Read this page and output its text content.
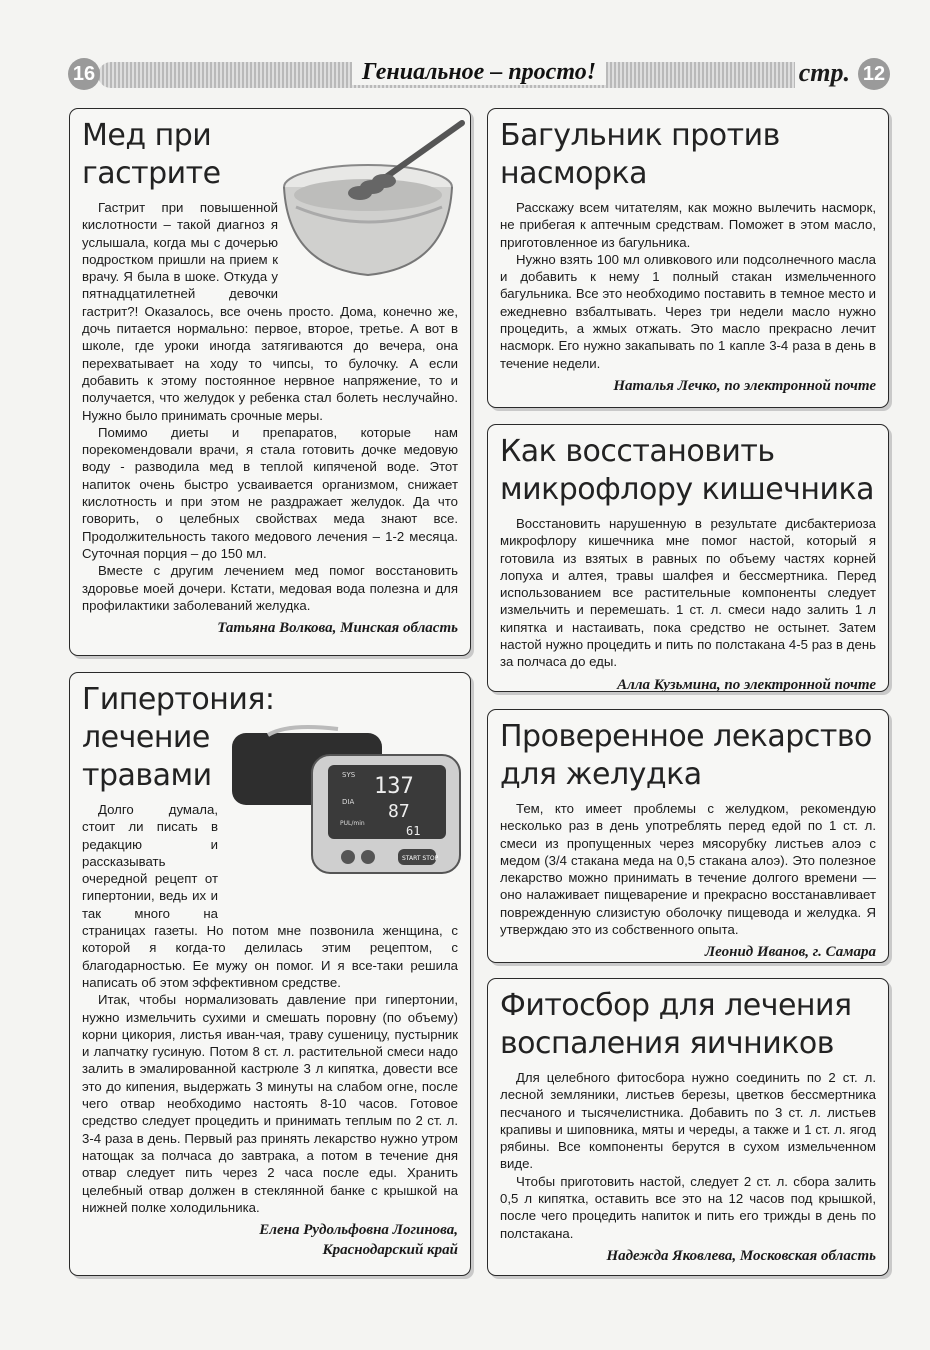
16	Гениальное – просто!	стр. 12
Мед при гастрите

Гастрит при повышенной кислотности – такой диагноз я услышала, когда мы с дочерью подростком пришли на прием к врачу. Я была в шоке. Откуда у пятнадцатилетней девочки гастрит?! Оказалось, все очень просто. Дома, конечно же, дочь питается нормально: первое, второе, третье. А вот в школе, где уроки иногда затягиваются до вечера, она перехватывает на ходу то чипсы, то булочку. А если добавить к этому постоянное нервное напряжение, то и получается, что желудок у ребенка стал болеть неслучайно. Нужно было принимать срочные меры.

Помимо диеты и препаратов, которые нам порекомендовали врачи, я стала готовить дочке медовую воду - разводила мед в теплой кипяченой воде. Этот напиток очень быстро усваивается организмом, снижает кислотность и при этом не раздражает желудок. Да что говорить, о целебных свойствах меда знают все. Продолжительность такого медового лечения – 1-2 месяца. Суточная порция – до 150 мл.

Вместе с другим лечением мед помог восстановить здоровье моей дочери. Кстати, медовая вода полезна и для профилактики заболеваний желудка.

Татьяна Волкова, Минская область
SYS
DIA
PUL/min
137
87
61
START STOP
Гипертония: лечение травами

Долго думала, стоит ли писать в редакцию и рассказывать очередной рецепт от гипертонии, ведь их и так много на страницах газеты. Но потом мне позвонила женщина, с которой я когда-то делилась этим рецептом, с благодарностью. Ее мужу он помог. И я все-таки решила написать об этом эффективном средстве.

Итак, чтобы нормализовать давление при гипертонии, нужно измельчить сухими и смешать поровну (по объему) корни цикория, листья иван-чая, траву сушеницу, пустырник и лапчатку гусиную. Потом 8 ст. л. растительной смеси надо залить в эмалированной кастрюле 3 л кипятка, довести все это до кипения, выдержать 3 минуты на слабом огне, после чего отвар необходимо настоять 8-10 часов. Готовое средство следует процедить и принимать теплым по 2 ст. л. 3-4 раза в день. Первый раз принять лекарство нужно утром натощак за полчаса до завтрака, а потом в течение дня отвар следует пить через 2 часа после еды. Хранить целебный отвар должен в стеклянной банке с крышкой на нижней полке холодильника.

Елена Рудольфовна Логинова,
Краснодарский край
Багульник против насморка

Расскажу всем читателям, как можно вылечить насморк, не прибегая к аптечным средствам. Поможет в этом масло, приготовленное из багульника.

Нужно взять 100 мл оливкового или подсолнечного масла и добавить к нему 1 полный стакан измельченного багульника. Все это необходимо поставить в темное место и ежедневно взбалтывать. Через три недели масло нужно процедить, а жмых отжать. Это масло прекрасно лечит насморк. Его нужно закапывать по 1 капле 3-4 раза в день в течение недели.

Наталья Лечко, по электронной почте
Как восстановить микрофлору кишечника

Восстановить нарушенную в результате дисбактериоза микрофлору кишечника мне помог настой, который я готовила из взятых в равных по объему частях корней лопуха и алтея, травы шалфея и бессмертника. Перед использованием все растительные компоненты следует измельчить и перемешать. 1 ст. л. смеси надо залить 1 л кипятка и настаивать, пока средство не остынет. Затем настой нужно процедить и пить по полстакана 4-5 раз в день за полчаса до еды.

Алла Кузьмина, по электронной почте
Проверенное лекарство для желудка

Тем, кто имеет проблемы с желудком, рекомендую несколько раз в день употреблять перед едой по 1 ст. л. смеси из пропущенных через мясорубку листьев алоэ с медом (3/4 стакана меда на 0,5 стакана алоэ). Это полезное лекарство можно принимать в течение долгого времени — оно налаживает пищеварение и прекрасно восстанавливает поврежденную слизистую оболочку пищевода и желудка. Я утверждаю это из собственного опыта.

Леонид Иванов, г. Самара
Фитосбор для лечения воспаления яичников

Для целебного фитосбора нужно соединить по 2 ст. л. лесной земляники, листьев березы, цветков бессмертника песчаного и тысячелистника. Добавить по 3 ст. л. листьев крапивы и шиповника, мяты и череды, а также и 1 ст. л. ягод рябины. Все компоненты берутся в сухом измельченном виде.

Чтобы приготовить настой, следует 2 ст. л. сбора залить 0,5 л кипятка, оставить все это на 12 часов под крышкой, после чего процедить напиток и пить его трижды в день по полстакана.

Надежда Яковлева, Московская область
